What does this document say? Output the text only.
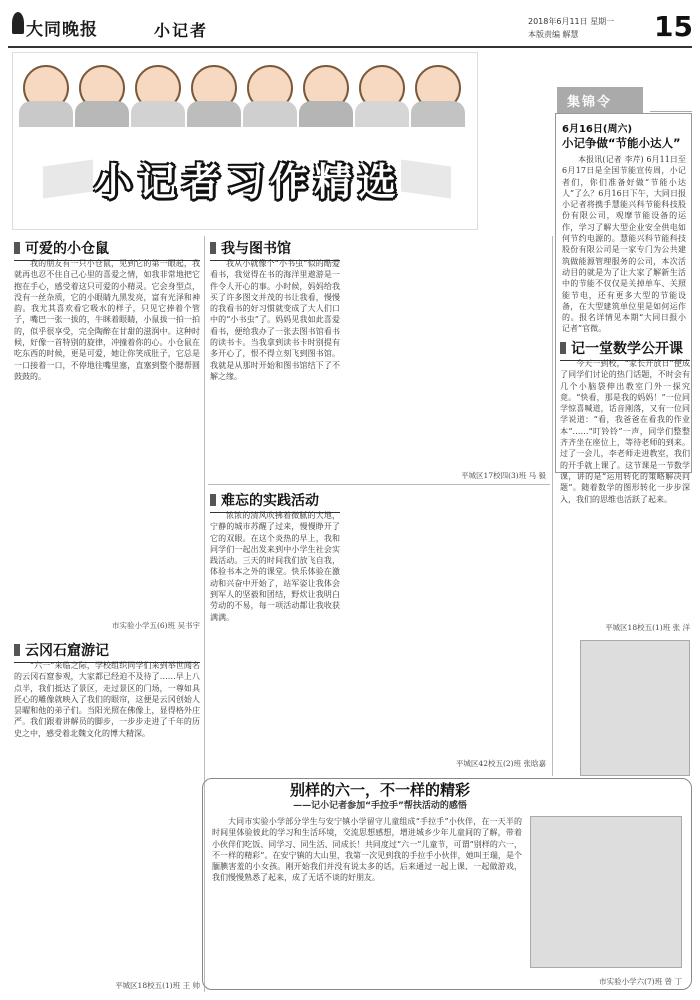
大同晚报	小记者	2018年6月11日 星期一
本版责编 解慧	15
小记者习作精选
集锦令
6月16日(周六)
小记争做“节能小达人”
本报讯(记者 李芹) 6月11日至6月17日是全国节能宣传周，小记者们，你们准备好做“节能小达人”了么？6月16日下午，大同日报小记者将携手慧能兴科节能科技股份有限公司，观摩节能设备的运作，学习了解大型企业安全供电如何节约电源的。慧能兴科节能科技股份有限公司是一家专门为公共建筑做能源管理服务的公司，本次活动目的就是为了让大家了解新生活中的节能不仅仅是关掉单车、关照能节电，还有更多大型的节能设备，在大型建筑单位里是如何运作的。报名详情见本期“大同日报小记者”官微。
记一堂数学公开课
今天一到校，“家长开放日”便成了同学们讨论的热门话题，不时会有几个小脑袋伸出教室门外一探究竟。“快看，那是我的妈妈！”一位同学惊喜喊道，话音刚落，又有一位同学说道：“看，我爸爸在看我的作业本”……“叮铃铃”一声，同学们整整齐齐坐在座位上，等待老师的到来。过了一会儿，李老师走进教室，我们的开手就上课了。这节课是一节数学课，讲的是“运用转化的策略解决问题”。随着数学的图形转化一步步深入，我们的思维也活跃了起来。
平城区18校五(1)班 张 洋
可爱的小仓鼠
我的朋友有一只小仓鼠，见到它的第一眼起，我就再也忍不住自己心里的喜爱之情，如我非常地把它抱在手心，感受着这只可爱的小精灵。它会身型点，没有一丝杂质，它的小眼睛九黑发亮，富有光泽和神韵。我尤其喜欢看它吸水的样子，只见它捧着个管子，嘴巴一张一拔的，牛眯着眼睛，小鼠拔一拍一拍的，似乎很享受，完全陶醉在甘甜的滋润中。这种时候，好像一首特别的旋律，冲撞着你的心。小仓鼠在吃东西的时候，更是可爱，她让你笑成肚子，它总是一口接着一口，不停地往嘴里塞，直塞到整个腮帮圆鼓鼓的。
市实验小学五(6)班 吴书宇
云冈石窟游记
“六一”来临之际，学校组织同学们来到举世闻名的云冈石窟参观，大家都已经迫不及待了……早上八点半，我们抵达了景区，走过景区的门场，一尊如具匠心的雕像就映入了我们的眼帘，这便是云冈创始人昙曜和他的弟子们。当阳光照在佛像上，显得格外庄严。我们跟着讲解员的脚步，一步步走进了千年的历史之中，感受着北魏文化的博大精深。
平城区18校五(1)班 王 帅
我与图书馆
我从小就像个“小书虫”似的酷爱看书，我觉得在书的海洋里遨游是一件令人开心的事。小时候，妈妈给我买了许多图文并茂的书让我看，慢慢的我看书的好习惯就变成了大人们口中的“小书虫”了。妈妈见我如此喜爱看书，便给我办了一张去图书馆看书的读书卡。当我拿到读书卡时别提有多开心了，恨不得立刻飞到图书馆。我就是从那时开始和图书馆结下了不解之缘。
平城区17校四(3)班 马 毅
难忘的实践活动
浓浓的清风吹拂着微腻的大地，宁静的城市苏醒了过来，慢慢睁开了它的双眼。在这个炎热的早上，我和同学们一起出发来到中小学生社会实践活动。三天的时间我们放飞自我，体验书本之外的课堂。快乐体验在激动和兴奋中开始了，站军姿让我体会到军人的坚毅和团结，野炊让我明白劳动的不易，每一项活动都让我收获满满。
平城区42校五(2)班 张晗嘉
别样的六一，不一样的精彩
——记小记者参加“手拉手”帮扶活动的感悟
大同市实验小学部分学生与安宁镇小学留守儿童组成“手拉手”小伙伴，在一天半的时间里体验彼此的学习和生活环境，交流思想感想，增进城乡少年儿童间的了解，带着小伙伴们吃饭、同学习、同生活、同成长！共同度过“六一”儿童节，可谓“别样的六一，不一样的精彩”。在安宁镇的大山里，我第一次见到我的手拉手小伙伴，她叫王瑞，是个腼腆害羞的小女孩。刚开始我们并没有说太多的话，后来通过一起上课、一起做游戏，我们慢慢熟悉了起来，成了无话不谈的好朋友。
市实验小学六(7)班 曾 丁
